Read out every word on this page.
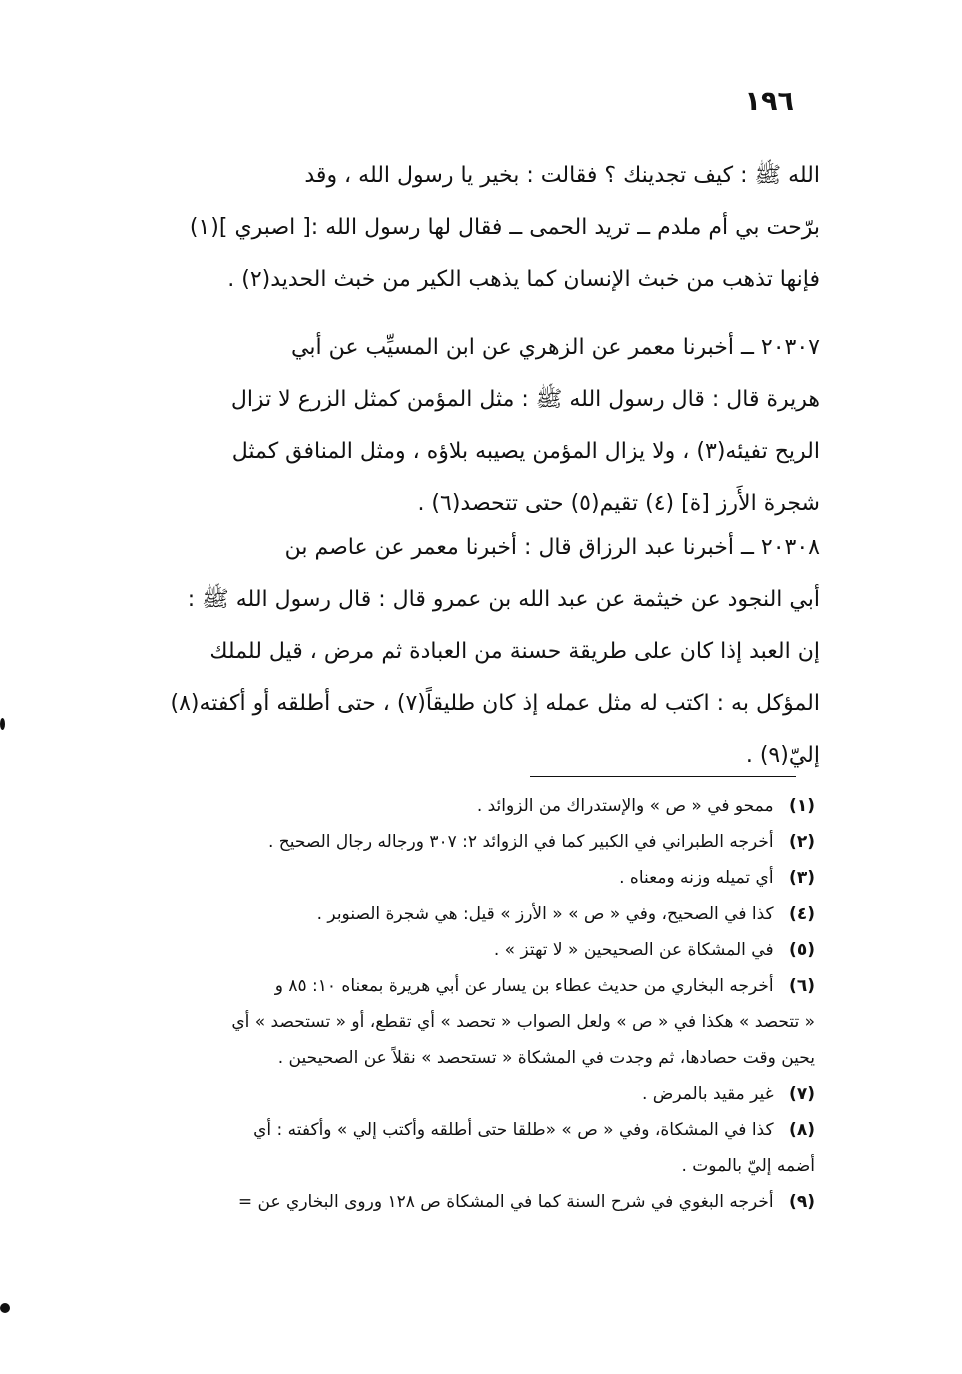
١٩٦
الله ﷺ : كيف تجدينك ؟ فقالت : بخير يا رسول الله ، وقد
برّحت بي أم ملدم ــ تريد الحمى ــ فقال لها رسول الله :[ اصبري ](١)
فإنها تذهب من خبث الإنسان كما يذهب الكير من خبث الحديد(٢) .
٢٠٣٠٧ ــ أخبرنا معمر عن الزهري عن ابن المسيِّب عن أبي
هريرة قال : قال رسول الله ﷺ : مثل المؤمن كمثل الزرع لا تزال
الريح تفيئه(٣) ، ولا يزال المؤمن يصيبه بلاؤه ، ومثل المنافق كمثل
شجرة الأَرز [ة] (٤) تقيم(٥) حتى تتحصد(٦) .
٢٠٣٠٨ ــ أخبرنا عبد الرزاق قال : أخبرنا معمر عن عاصم بن
أبي النجود عن خيثمة عن عبد الله بن عمرو قال : قال رسول الله ﷺ :
إن العبد إذا كان على طريقة حسنة من العبادة ثم مرض ، قيل للملك
المؤكل به : اكتب له مثل عمله إذ كان طليقاً(٧) ، حتى أطلقه أو أكفته(٨)
إليّ(٩) .
(١) ممحو في « ص » والإستدراك من الزوائد .
(٢) أخرجه الطبراني في الكبير كما في الزوائد ٢: ٣٠٧ ورجاله رجال الصحيح .
(٣) أي تميله وزنه ومعناه .
(٤) كذا في الصحيح، وفي « ص » « الأرز » قيل: هي شجرة الصنوبر .
(٥) في المشكاة عن الصحيحين « لا تهتز » .
(٦) أخرجه البخاري من حديث عطاء بن يسار عن أبي هريرة بمعناه ١٠: ٨٥ و
« تتحصد » هكذا في « ص » ولعل الصواب « تحصد » أي تقطع، أو « تستحصد » أي
يحين وقت حصادها، ثم وجدت في المشكاة « تستحصد » نقلاً عن الصحيحين .
(٧) غير مقيد بالمرض .
(٨) كذا في المشكاة، وفي « ص » «طلقا حتى أطلقه وأكتب إلي » وأكفته : أي
أضمه إليّ بالموت .
(٩) أخرجه البغوي في شرح السنة كما في المشكاة ص ١٢٨ وروى البخاري عن =
